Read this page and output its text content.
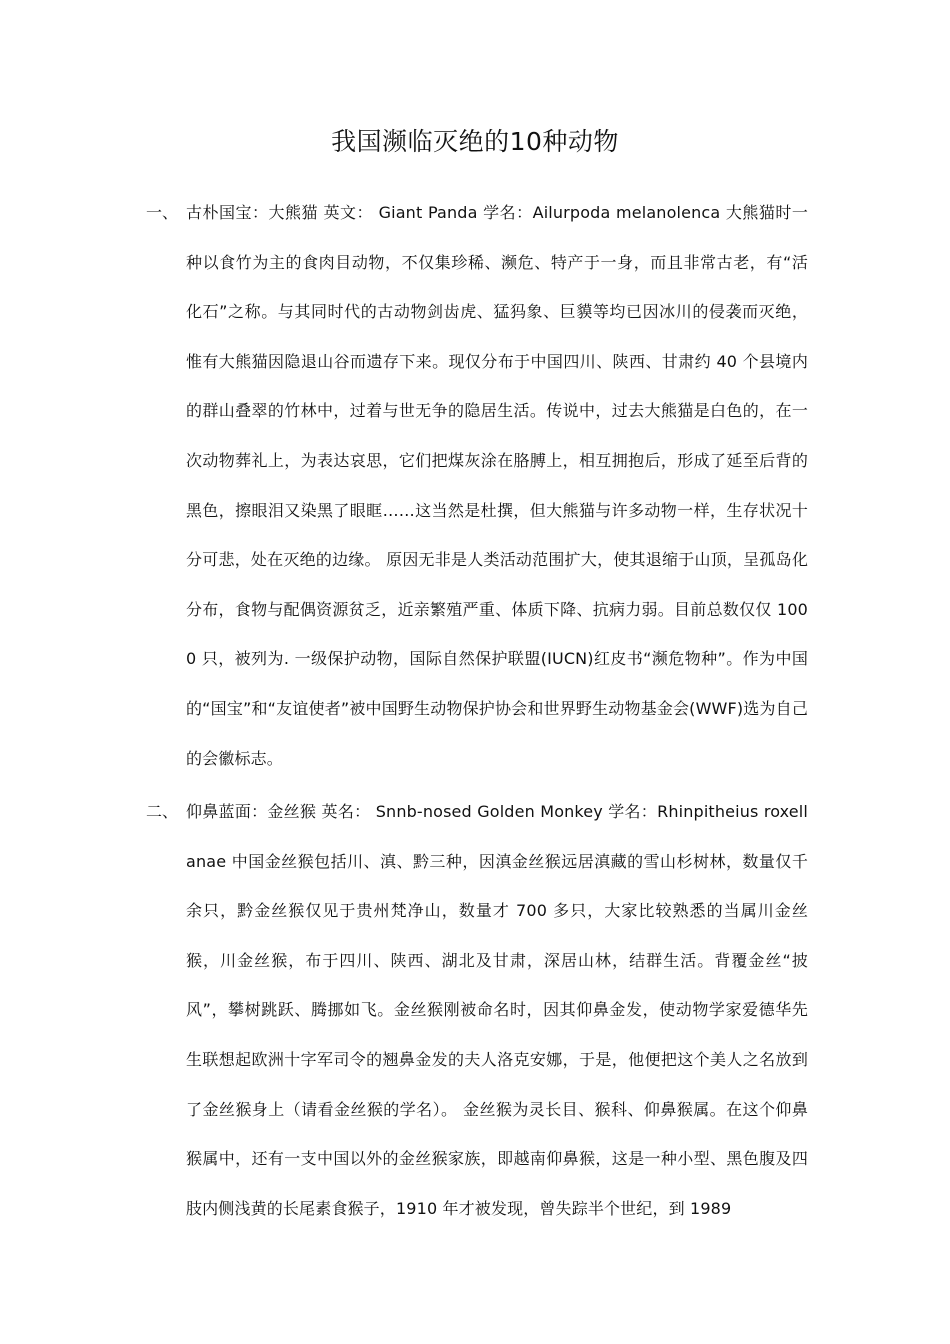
我国濒临灭绝的10种动物
一、 古朴国宝：大熊猫 英文： Giant Panda 学名：Ailurpoda melanolenca 大熊猫时一种以食竹为主的食肉目动物，不仅集珍稀、濒危、特产于一身，而且非常古老，有“活化石”之称。与其同时代的古动物剑齿虎、猛犸象、巨貘等均已因冰川的侵袭而灭绝，惟有大熊猫因隐退山谷而遗存下来。现仅分布于中国四川、陕西、甘肃约 40 个县境内的群山叠翠的竹林中，过着与世无争的隐居生活。传说中，过去大熊猫是白色的，在一次动物葬礼上，为表达哀思，它们把煤灰涂在胳膊上，相互拥抱后，形成了延至后背的黑色，擦眼泪又染黑了眼眶……这当然是杜撰，但大熊猫与许多动物一样，生存状况十分可悲，处在灭绝的边缘。 原因无非是人类活动范围扩大，使其退缩于山顶，呈孤岛化分布，食物与配偶资源贫乏，近亲繁殖严重、体质下降、抗病力弱。目前总数仅仅 1000 只，被列为. 一级保护动物，国际自然保护联盟(IUCN)红皮书“濒危物种”。作为中国的“国宝”和“友谊使者”被中国野生动物保护协会和世界野生动物基金会(WWF)选为自己的会徽标志。
二、 仰鼻蓝面：金丝猴 英名： Snnb-nosed Golden Monkey 学名：Rhinpitheius roxellanae 中国金丝猴包括川、滇、黔三种，因滇金丝猴远居滇藏的雪山杉树林，数量仅千余只，黔金丝猴仅见于贵州梵净山，数量才 700 多只，大家比较熟悉的当属川金丝猴，川金丝猴，布于四川、陕西、湖北及甘肃，深居山林，结群生活。背覆金丝“披风”，攀树跳跃、腾挪如飞。金丝猴刚被命名时，因其仰鼻金发，使动物学家爱德华先生联想起欧洲十字军司令的翘鼻金发的夫人洛克安娜，于是，他便把这个美人之名放到了金丝猴身上（请看金丝猴的学名）。 金丝猴为灵长目、猴科、仰鼻猴属。在这个仰鼻猴属中，还有一支中国以外的金丝猴家族，即越南仰鼻猴，这是一种小型、黑色腹及四肢内侧浅黄的长尾素食猴子，1910 年才被发现，曾失踪半个世纪，到 1989
